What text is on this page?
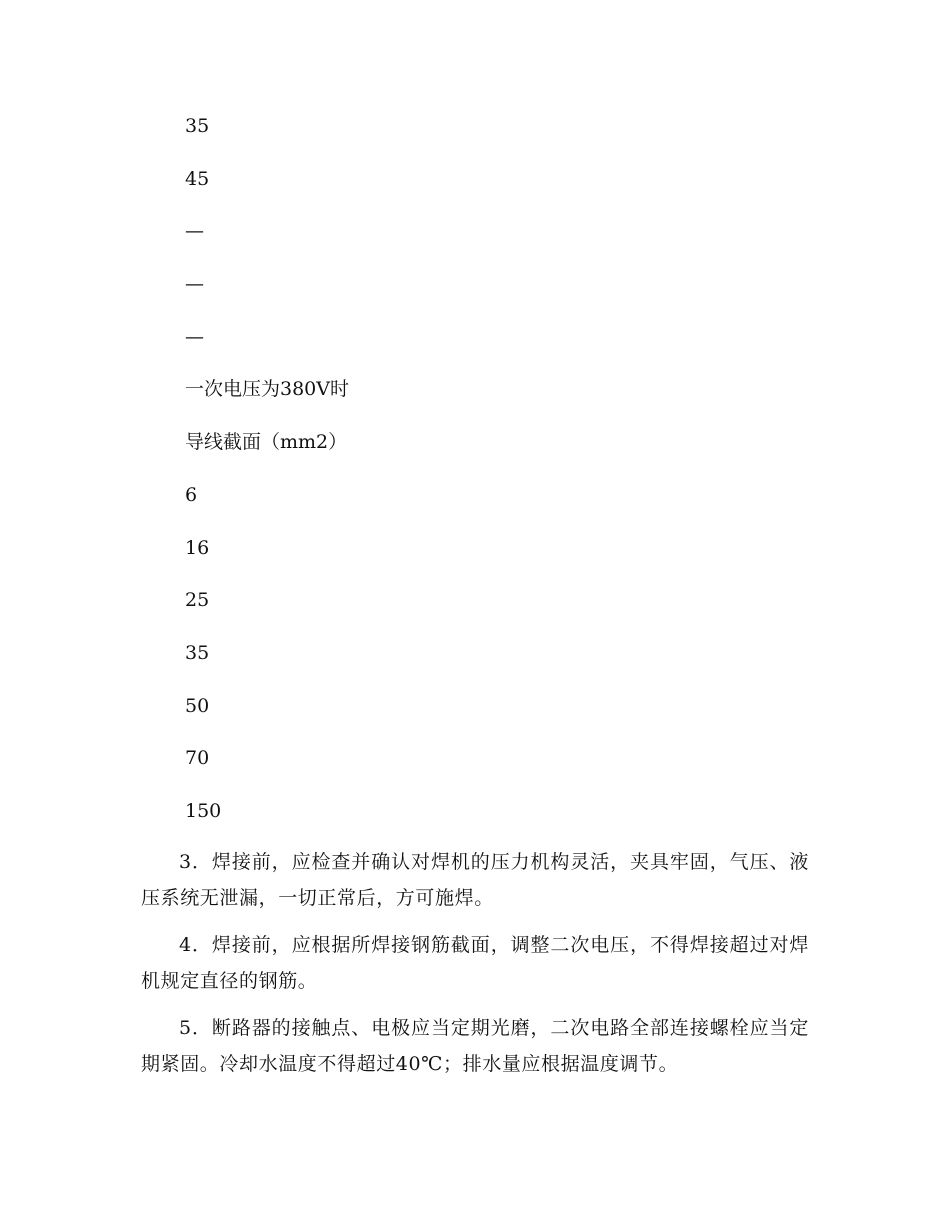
35
45
—
—
—
一次电压为380V时
导线截面（mm2）
6
16
25
35
50
70
150

3．焊接前，应检查并确认对焊机的压力机构灵活，夹具牢固，气压、液压系统无泄漏，一切正常后，方可施焊。

4．焊接前，应根据所焊接钢筋截面，调整二次电压，不得焊接超过对焊机规定直径的钢筋。

5．断路器的接触点、电极应当定期光磨，二次电路全部连接螺栓应当定期紧固。冷却水温度不得超过40℃；排水量应根据温度调节。
